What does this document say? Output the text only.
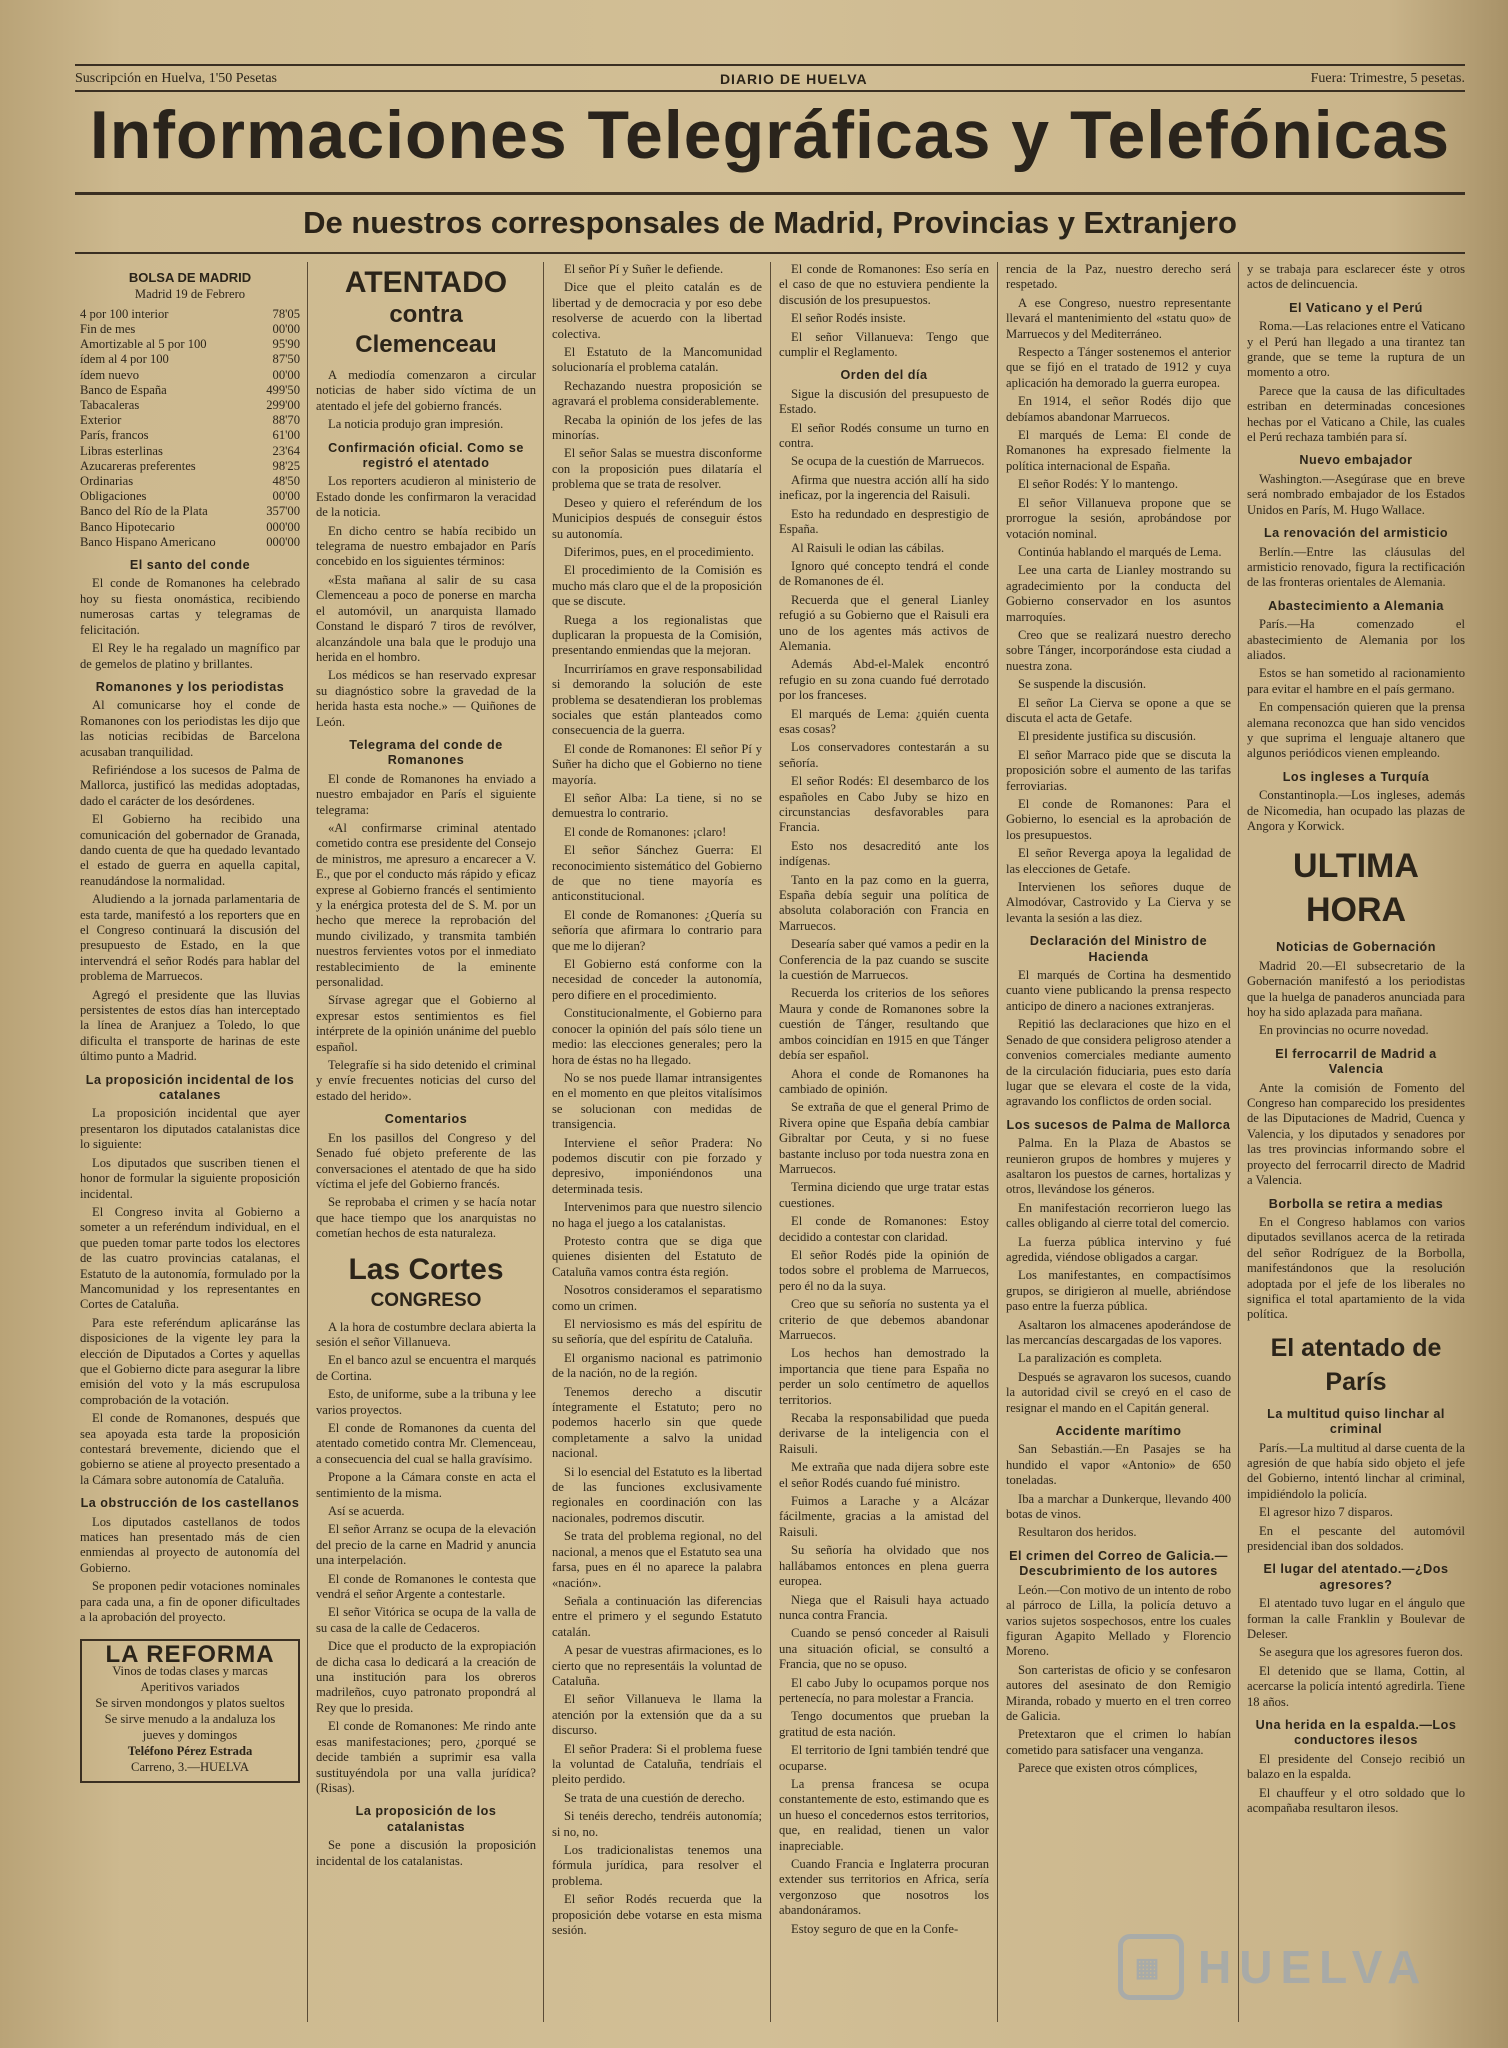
Suscripción en Huelva, 1'50 Pesetas	DIARIO DE HUELVA	Fuera: Trimestre, 5 pesetas.
Informaciones Telegráficas y Telefónicas
De nuestros corresponsales de Madrid, Provincias y Extranjero
BOLSA DE MADRID
Madrid 19 de Febrero
4 por 100 interior	78'05
Fin de mes	00'00
Amortizable al 5 por 100	95'90
ídem al 4 por 100	87'50
ídem nuevo	00'00
Banco de España	499'50
Tabacaleras	299'00
Exterior	88'70
París, francos	61'00
Libras esterlinas	23'64
Azucareras preferentes	98'25
Ordinarias	48'50
Obligaciones	00'00
Banco del Río de la Plata	357'00
Banco Hipotecario	000'00
Banco Hispano Americano	000'00
El santo del conde

El conde de Romanones ha celebrado hoy su fiesta onomástica, recibiendo numerosas cartas y telegramas de felicitación.

El Rey le ha regalado un magnífico par de gemelos de platino y brillantes.

Romanones y los periodistas

Al comunicarse hoy el conde de Romanones con los periodistas les dijo que las noticias recibidas de Barcelona acusaban tranquilidad.

Refiriéndose a los sucesos de Palma de Mallorca, justificó las medidas adoptadas, dado el carácter de los desórdenes.

El Gobierno ha recibido una comunicación del gobernador de Granada, dando cuenta de que ha quedado levantado el estado de guerra en aquella capital, reanudándose la normalidad.

Aludiendo a la jornada parlamentaria de esta tarde, manifestó a los reporters que en el Congreso continuará la discusión del presupuesto de Estado, en la que intervendrá el señor Rodés para hablar del problema de Marruecos.

Agregó el presidente que las lluvias persistentes de estos días han interceptado la línea de Aranjuez a Toledo, lo que dificulta el transporte de harinas de este último punto a Madrid.

La proposición incidental de los catalanes

La proposición incidental que ayer presentaron los diputados catalanistas dice lo siguiente:

Los diputados que suscriben tienen el honor de formular la siguiente proposición incidental.

El Congreso invita al Gobierno a someter a un referéndum individual, en el que pueden tomar parte todos los electores de las cuatro provincias catalanas, el Estatuto de la autonomía, formulado por la Mancomunidad y los representantes en Cortes de Cataluña.

Para este referéndum aplicaránse las disposiciones de la vigente ley para la elección de Diputados a Cortes y aquellas que el Gobierno dicte para asegurar la libre emisión del voto y la más escrupulosa comprobación de la votación.

El conde de Romanones, después que sea apoyada esta tarde la proposición contestará brevemente, diciendo que el gobierno se atiene al proyecto presentado a la Cámara sobre autonomía de Cataluña.

La obstrucción de los castellanos

Los diputados castellanos de todos matices han presentado más de cien enmiendas al proyecto de autonomía del Gobierno.

Se proponen pedir votaciones nominales para cada una, a fin de oponer dificultades a la aprobación del proyecto.

LA REFORMA
Vinos de todas clases y marcas
Aperitivos variados
Se sirven mondongos y platos sueltos
Se sirve menudo a la andaluza los jueves y domingos
Teléfono Pérez Estrada
Carreno, 3.—HUELVA
ATENTADO
contra Clemenceau

A mediodía comenzaron a circular noticias de haber sido víctima de un atentado el jefe del gobierno francés.

La noticia produjo gran impresión.

Confirmación oficial. Como se registró el atentado

Los reporters acudieron al ministerio de Estado donde les confirmaron la veracidad de la noticia.

En dicho centro se había recibido un telegrama de nuestro embajador en París concebido en los siguientes términos:

«Esta mañana al salir de su casa Clemenceau a poco de ponerse en marcha el automóvil, un anarquista llamado Constand le disparó 7 tiros de revólver, alcanzándole una bala que le produjo una herida en el hombro.

Los médicos se han reservado expresar su diagnóstico sobre la gravedad de la herida hasta esta noche.» — Quiñones de León.

Telegrama del conde de Romanones

El conde de Romanones ha enviado a nuestro embajador en París el siguiente telegrama:

«Al confirmarse criminal atentado cometido contra ese presidente del Consejo de ministros, me apresuro a encarecer a V. E., que por el conducto más rápido y eficaz exprese al Gobierno francés el sentimiento y la enérgica protesta del de S. M. por un hecho que merece la reprobación del mundo civilizado, y transmita también nuestros fervientes votos por el inmediato restablecimiento de la eminente personalidad.

Sírvase agregar que el Gobierno al expresar estos sentimientos es fiel intérprete de la opinión unánime del pueblo español.

Telegrafíe si ha sido detenido el criminal y envíe frecuentes noticias del curso del estado del herido».

Comentarios

En los pasillos del Congreso y del Senado fué objeto preferente de las conversaciones el atentado de que ha sido víctima el jefe del Gobierno francés.

Se reprobaba el crimen y se hacía notar que hace tiempo que los anarquistas no cometían hechos de esta naturaleza.

Las Cortes
CONGRESO

A la hora de costumbre declara abierta la sesión el señor Villanueva.

En el banco azul se encuentra el marqués de Cortina.

Esto, de uniforme, sube a la tribuna y lee varios proyectos.

El conde de Romanones da cuenta del atentado cometido contra Mr. Clemenceau, a consecuencia del cual se halla gravísimo.

Propone a la Cámara conste en acta el sentimiento de la misma.

Así se acuerda.

El señor Arranz se ocupa de la elevación del precio de la carne en Madrid y anuncia una interpelación.

El conde de Romanones le contesta que vendrá el señor Argente a contestarle.

El señor Vitórica se ocupa de la valla de su casa de la calle de Cedaceros.

Dice que el producto de la expropiación de dicha casa lo dedicará a la creación de una institución para los obreros madrileños, cuyo patronato propondrá al Rey que lo presida.

El conde de Romanones: Me rindo ante esas manifestaciones; pero, ¿porqué se decide también a suprimir esa valla sustituyéndola por una valla jurídica? (Risas).

La proposición de los catalanistas

Se pone a discusión la proposición incidental de los catalanistas.

El señor Pí y Suñer le defiende.

Dice que el pleito catalán es de libertad y de democracia y por eso debe resolverse de acuerdo con la libertad colectiva.

El Estatuto de la Mancomunidad solucionaría el problema catalán.

Rechazando nuestra proposición se agravará el problema considerablemente.

Recaba la opinión de los jefes de las minorías.

El señor Salas se muestra disconforme con la proposición pues dilataría el problema que se trata de resolver.

Deseo y quiero el referéndum de los Municipios después de conseguir éstos su autonomía.

Diferimos, pues, en el procedimiento.

El procedimiento de la Comisión es mucho más claro que el de la proposición que se discute.

Ruega a los regionalistas que duplicaran la propuesta de la Comisión, presentando enmiendas que la mejoran.

Incurriríamos en grave responsabilidad si demorando la solución de este problema se desatendieran los problemas sociales que están planteados como consecuencia de la guerra.

El conde de Romanones: El señor Pí y Suñer ha dicho que el Gobierno no tiene mayoría.

El señor Alba: La tiene, si no se demuestra lo contrario.

El conde de Romanones: ¡claro!

El señor Sánchez Guerra: El reconocimiento sistemático del Gobierno de que no tiene mayoría es anticonstitucional.

El conde de Romanones: ¿Quería su señoría que afirmara lo contrario para que me lo dijeran?

El Gobierno está conforme con la necesidad de conceder la autonomía, pero difiere en el procedimiento.

Constitucionalmente, el Gobierno para conocer la opinión del país sólo tiene un medio: las elecciones generales; pero la hora de éstas no ha llegado.

No se nos puede llamar intransigentes en el momento en que pleitos vitalísimos se solucionan con medidas de transigencia.

Interviene el señor Pradera: No podemos discutir con pie forzado y depresivo, imponiéndonos una determinada tesis.

Intervenimos para que nuestro silencio no haga el juego a los catalanistas.

Protesto contra que se diga que quienes disienten del Estatuto de Cataluña vamos contra ésta región.

Nosotros consideramos el separatismo como un crimen.

El nerviosismo es más del espíritu de su señoría, que del espíritu de Cataluña.

El organismo nacional es patrimonio de la nación, no de la región.

Tenemos derecho a discutir íntegramente el Estatuto; pero no podemos hacerlo sin que quede completamente a salvo la unidad nacional.

Si lo esencial del Estatuto es la libertad de las funciones exclusivamente regionales en coordinación con las nacionales, podremos discutir.

Se trata del problema regional, no del nacional, a menos que el Estatuto sea una farsa, pues en él no aparece la palabra «nación».

Señala a continuación las diferencias entre el primero y el segundo Estatuto catalán.

A pesar de vuestras afirmaciones, es lo cierto que no representáis la voluntad de Cataluña.

El señor Villanueva le llama la atención por la extensión que da a su discurso.

El señor Pradera: Si el problema fuese la voluntad de Cataluña, tendríais el pleito perdido.

Se trata de una cuestión de derecho.

Si tenéis derecho, tendréis autonomía; si no, no.

Los tradicionalistas tenemos una fórmula jurídica, para resolver el problema.

El señor Rodés recuerda que la proposición debe votarse en esta misma sesión.

El conde de Romanones: Eso sería en el caso de que no estuviera pendiente la discusión de los presupuestos.

El señor Rodés insiste.

El señor Villanueva: Tengo que cumplir el Reglamento.

Orden del día

Sigue la discusión del presupuesto de Estado.

El señor Rodés consume un turno en contra.

Se ocupa de la cuestión de Marruecos.

Afirma que nuestra acción allí ha sido ineficaz, por la ingerencia del Raisuli.

Esto ha redundado en desprestigio de España.

Al Raisuli le odian las cábilas.

Ignoro qué concepto tendrá el conde de Romanones de él.

Recuerda que el general Lianley refugió a su Gobierno que el Raisuli era uno de los agentes más activos de Alemania.

Además Abd-el-Malek encontró refugio en su zona cuando fué derrotado por los franceses.

El marqués de Lema: ¿quién cuenta esas cosas?

Los conservadores contestarán a su señoría.

El señor Rodés: El desembarco de los españoles en Cabo Juby se hizo en circunstancias desfavorables para Francia.

Esto nos desacreditó ante los indígenas.

Tanto en la paz como en la guerra, España debía seguir una política de absoluta colaboración con Francia en Marruecos.

Desearía saber qué vamos a pedir en la Conferencia de la paz cuando se suscite la cuestión de Marruecos.

Recuerda los criterios de los señores Maura y conde de Romanones sobre la cuestión de Tánger, resultando que ambos coincidían en 1915 en que Tánger debía ser español.

Ahora el conde de Romanones ha cambiado de opinión.

Se extraña de que el general Primo de Rivera opine que España debía cambiar Gibraltar por Ceuta, y si no fuese bastante incluso por toda nuestra zona en Marruecos.

Termina diciendo que urge tratar estas cuestiones.

El conde de Romanones: Estoy decidido a contestar con claridad.

El señor Rodés pide la opinión de todos sobre el problema de Marruecos, pero él no da la suya.

Creo que su señoría no sustenta ya el criterio de que debemos abandonar Marruecos.

Los hechos han demostrado la importancia que tiene para España no perder un solo centímetro de aquellos territorios.

Recaba la responsabilidad que pueda derivarse de la inteligencia con el Raisuli.

Me extraña que nada dijera sobre este el señor Rodés cuando fué ministro.

Fuimos a Larache y a Alcázar fácilmente, gracias a la amistad del Raisuli.

Su señoría ha olvidado que nos hallábamos entonces en plena guerra europea.

Niega que el Raisuli haya actuado nunca contra Francia.

Cuando se pensó conceder al Raisuli una situación oficial, se consultó a Francia, que no se opuso.

El cabo Juby lo ocupamos porque nos pertenecía, no para molestar a Francia.

Tengo documentos que prueban la gratitud de esta nación.

El territorio de Igni también tendré que ocuparse.

La prensa francesa se ocupa constantemente de esto, estimando que es un hueso el concedernos estos territorios, que, en realidad, tienen un valor inapreciable.

Cuando Francia e Inglaterra procuran extender sus territorios en Africa, sería vergonzoso que nosotros los abandonáramos.

Estoy seguro de que en la Confe-

rencia de la Paz, nuestro derecho será respetado.

A ese Congreso, nuestro representante llevará el mantenimiento del «statu quo» de Marruecos y del Mediterráneo.

Respecto a Tánger sostenemos el anterior que se fijó en el tratado de 1912 y cuya aplicación ha demorado la guerra europea.

En 1914, el señor Rodés dijo que debíamos abandonar Marruecos.

El marqués de Lema: El conde de Romanones ha expresado fielmente la política internacional de España.

El señor Rodés: Y lo mantengo.

El señor Villanueva propone que se prorrogue la sesión, aprobándose por votación nominal.

Continúa hablando el marqués de Lema.

Lee una carta de Lianley mostrando su agradecimiento por la conducta del Gobierno conservador en los asuntos marroquíes.

Creo que se realizará nuestro derecho sobre Tánger, incorporándose esta ciudad a nuestra zona.

Se suspende la discusión.

El señor La Cierva se opone a que se discuta el acta de Getafe.

El presidente justifica su discusión.

El señor Marraco pide que se discuta la proposición sobre el aumento de las tarifas ferroviarias.

El conde de Romanones: Para el Gobierno, lo esencial es la aprobación de los presupuestos.

El señor Reverga apoya la legalidad de las elecciones de Getafe.

Intervienen los señores duque de Almodóvar, Castrovido y La Cierva y se levanta la sesión a las diez.

Declaración del Ministro de Hacienda

El marqués de Cortina ha desmentido cuanto viene publicando la prensa respecto anticipo de dinero a naciones extranjeras.

Repitió las declaraciones que hizo en el Senado de que considera peligroso atender a convenios comerciales mediante aumento de la circulación fiduciaria, pues esto daría lugar que se elevara el coste de la vida, agravando los conflictos de orden social.

Los sucesos de Palma de Mallorca

Palma. En la Plaza de Abastos se reunieron grupos de hombres y mujeres y asaltaron los puestos de carnes, hortalizas y otros, llevándose los géneros.

En manifestación recorrieron luego las calles obligando al cierre total del comercio.

La fuerza pública intervino y fué agredida, viéndose obligados a cargar.

Los manifestantes, en compactísimos grupos, se dirigieron al muelle, abriéndose paso entre la fuerza pública.

Asaltaron los almacenes apoderándose de las mercancías descargadas de los vapores.

La paralización es completa.

Después se agravaron los sucesos, cuando la autoridad civil se creyó en el caso de resignar el mando en el Capitán general.

Accidente marítimo

San Sebastián.—En Pasajes se ha hundido el vapor «Antonio» de 650 toneladas.

Iba a marchar a Dunkerque, llevando 400 botas de vinos.

Resultaron dos heridos.

El crimen del Correo de Galicia.—Descubrimiento de los autores

León.—Con motivo de un intento de robo al párroco de Lilla, la policía detuvo a varios sujetos sospechosos, entre los cuales figuran Agapito Mellado y Florencio Moreno.

Son carteristas de oficio y se confesaron autores del asesinato de don Remigio Miranda, robado y muerto en el tren correo de Galicia.

Pretextaron que el crimen lo habían cometido para satisfacer una venganza.

Parece que existen otros cómplices,

y se trabaja para esclarecer éste y otros actos de delincuencia.

El Vaticano y el Perú

Roma.—Las relaciones entre el Vaticano y el Perú han llegado a una tirantez tan grande, que se teme la ruptura de un momento a otro.

Parece que la causa de las dificultades estriban en determinadas concesiones hechas por el Vaticano a Chile, las cuales el Perú rechaza también para sí.

Nuevo embajador

Washington.—Asegúrase que en breve será nombrado embajador de los Estados Unidos en París, M. Hugo Wallace.

La renovación del armisticio

Berlín.—Entre las cláusulas del armisticio renovado, figura la rectificación de las fronteras orientales de Alemania.

Abastecimiento a Alemania

París.—Ha comenzado el abastecimiento de Alemania por los aliados.

Estos se han sometido al racionamiento para evitar el hambre en el país germano.

En compensación quieren que la prensa alemana reconozca que han sido vencidos y que suprima el lenguaje altanero que algunos periódicos vienen empleando.

Los ingleses a Turquía

Constantinopla.—Los ingleses, además de Nicomedia, han ocupado las plazas de Angora y Korwick.

ULTIMA HORA
Noticias de Gobernación

Madrid 20.—El subsecretario de la Gobernación manifestó a los periodistas que la huelga de panaderos anunciada para hoy ha sido aplazada para mañana.

En provincias no ocurre novedad.

El ferrocarril de Madrid a Valencia

Ante la comisión de Fomento del Congreso han comparecido los presidentes de las Diputaciones de Madrid, Cuenca y Valencia, y los diputados y senadores por las tres provincias informando sobre el proyecto del ferrocarril directo de Madrid a Valencia.

Borbolla se retira a medias

En el Congreso hablamos con varios diputados sevillanos acerca de la retirada del señor Rodríguez de la Borbolla, manifestándonos que la resolución adoptada por el jefe de los liberales no significa el total apartamiento de la vida política.

El atentado de París
La multitud quiso linchar al criminal

París.—La multitud al darse cuenta de la agresión de que había sido objeto el jefe del Gobierno, intentó linchar al criminal, impidiéndolo la policía.

El agresor hizo 7 disparos.

En el pescante del automóvil presidencial iban dos soldados.

El lugar del atentado.—¿Dos agresores?

El atentado tuvo lugar en el ángulo que forman la calle Franklin y Boulevar de Deleser.

Se asegura que los agresores fueron dos.

El detenido que se llama, Cottin, al acercarse la policía intentó agredirla. Tiene 18 años.

Una herida en la espalda.—Los conductores ilesos

El presidente del Consejo recibió un balazo en la espalda.

El chauffeur y el otro soldado que lo acompañaba resultaron ilesos.

▦ HUELVA
